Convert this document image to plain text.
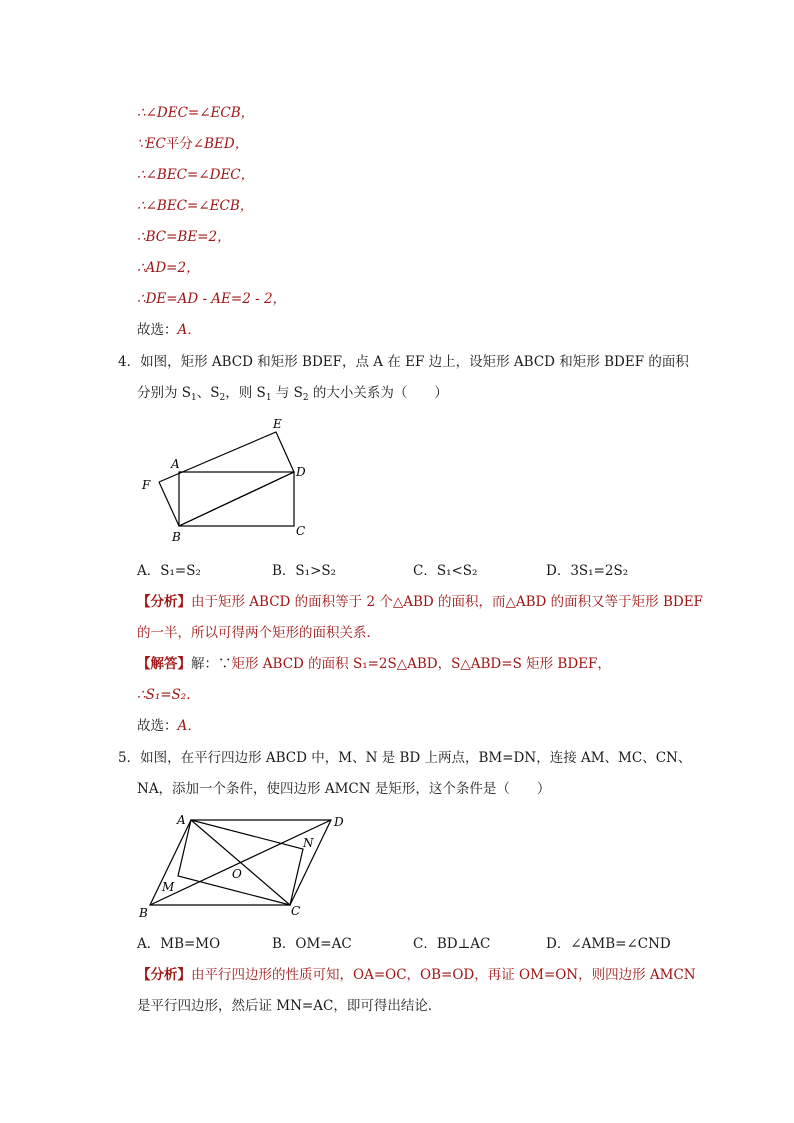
∴∠DEC=∠ECB，
∵EC平分∠BED，
∴∠BEC=∠DEC，
∴∠BEC=∠ECB，
∴BC=BE=2，
∴AD=2，
∴DE=AD - AE=2 - 2，
故选：A．
4．如图，矩形 ABCD 和矩形 BDEF，点 A 在 EF 边上，设矩形 ABCD 和矩形 BDEF 的面积
分别为 $S_1$、$S_2$，则 $S_1$ 与 $S_2$ 的大小关系为（　　）
E
A
D
F
B	C
A．S₁=S₂	B．S₁>S₂	C．S₁<S₂	D．3S₁=2S₂
【分析】由于矩形 ABCD 的面积等于 2 个△ABD 的面积，而△ABD 的面积又等于矩形 BDEF
的一半，所以可得两个矩形的面积关系．
【解答】解：∵矩形 ABCD 的面积 S₁=2S△ABD，S△ABD=S 矩形 BDEF，
∴S₁=S₂.
故选：A．
5．如图，在平行四边形 ABCD 中，M、N 是 BD 上两点，BM=DN，连接 AM、MC、CN、
NA，添加一个条件，使四边形 AMCN 是矩形，这个条件是（　　）
A	D
N
O
M
B	C
A．MB=MO	B．OM=AC	C．BD⊥AC	D．∠AMB=∠CND
【分析】由平行四边形的性质可知，OA=OC，OB=OD，再证 OM=ON，则四边形 AMCN
是平行四边形，然后证 MN=AC，即可得出结论．
